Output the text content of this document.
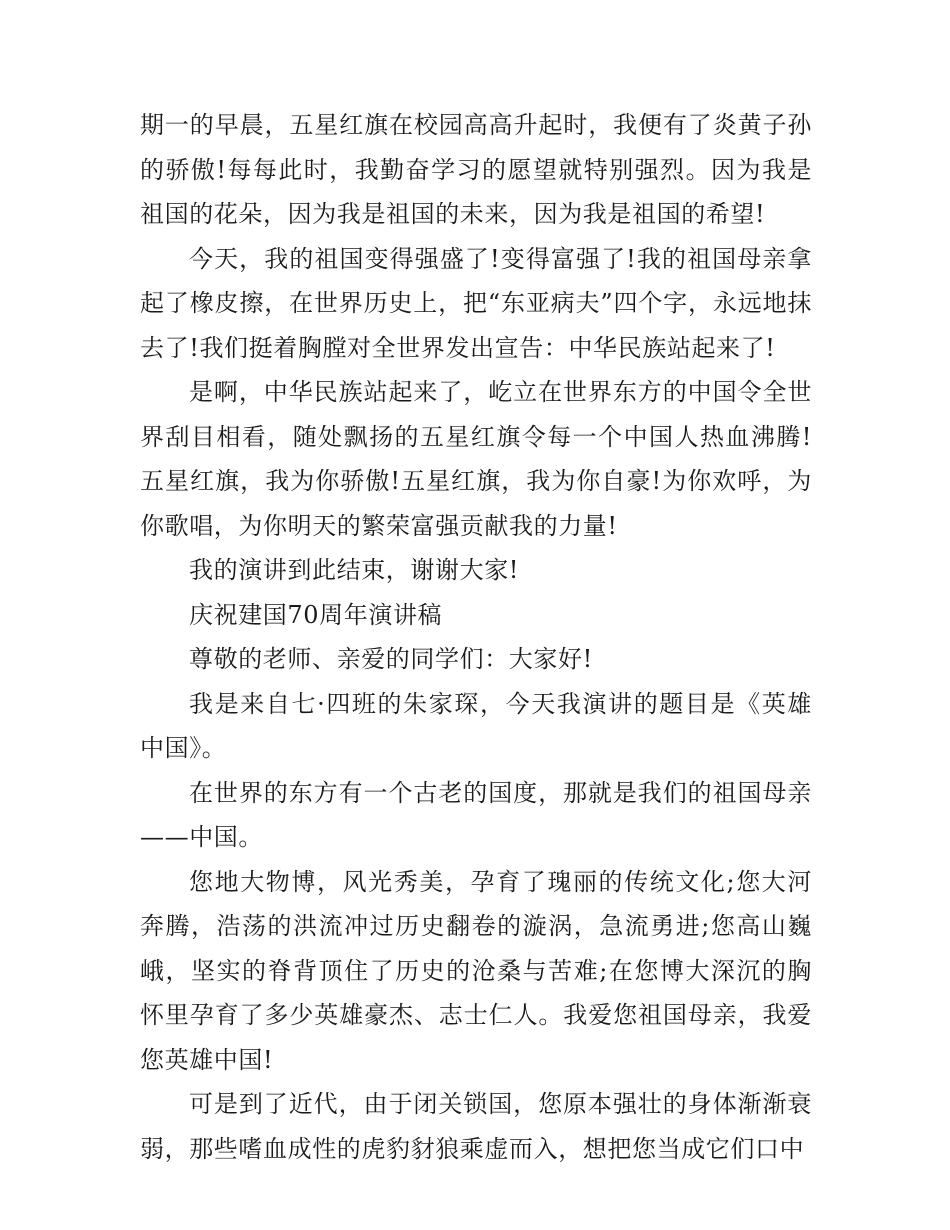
期一的早晨，五星红旗在校园高高升起时，我便有了炎黄子孙的骄傲!每每此时，我勤奋学习的愿望就特别强烈。因为我是祖国的花朵，因为我是祖国的未来，因为我是祖国的希望!

今天，我的祖国变得强盛了!变得富强了!我的祖国母亲拿起了橡皮擦，在世界历史上，把“东亚病夫”四个字，永远地抹去了!我们挺着胸膛对全世界发出宣告：中华民族站起来了!

是啊，中华民族站起来了，屹立在世界东方的中国令全世界刮目相看，随处飘扬的五星红旗令每一个中国人热血沸腾!五星红旗，我为你骄傲!五星红旗，我为你自豪!为你欢呼，为你歌唱，为你明天的繁荣富强贡献我的力量!

我的演讲到此结束，谢谢大家!

庆祝建国70周年演讲稿

尊敬的老师、亲爱的同学们：大家好!

我是来自七·四班的朱家琛，今天我演讲的题目是《英雄中国》。

在世界的东方有一个古老的国度，那就是我们的祖国母亲——中国。

您地大物博，风光秀美，孕育了瑰丽的传统文化;您大河奔腾，浩荡的洪流冲过历史翻卷的漩涡，急流勇进;您高山巍峨，坚实的脊背顶住了历史的沧桑与苦难;在您博大深沉的胸怀里孕育了多少英雄豪杰、志士仁人。我爱您祖国母亲，我爱您英雄中国!

可是到了近代，由于闭关锁国，您原本强壮的身体渐渐衰弱，那些嗜血成性的虎豹豺狼乘虚而入，想把您当成它们口中
